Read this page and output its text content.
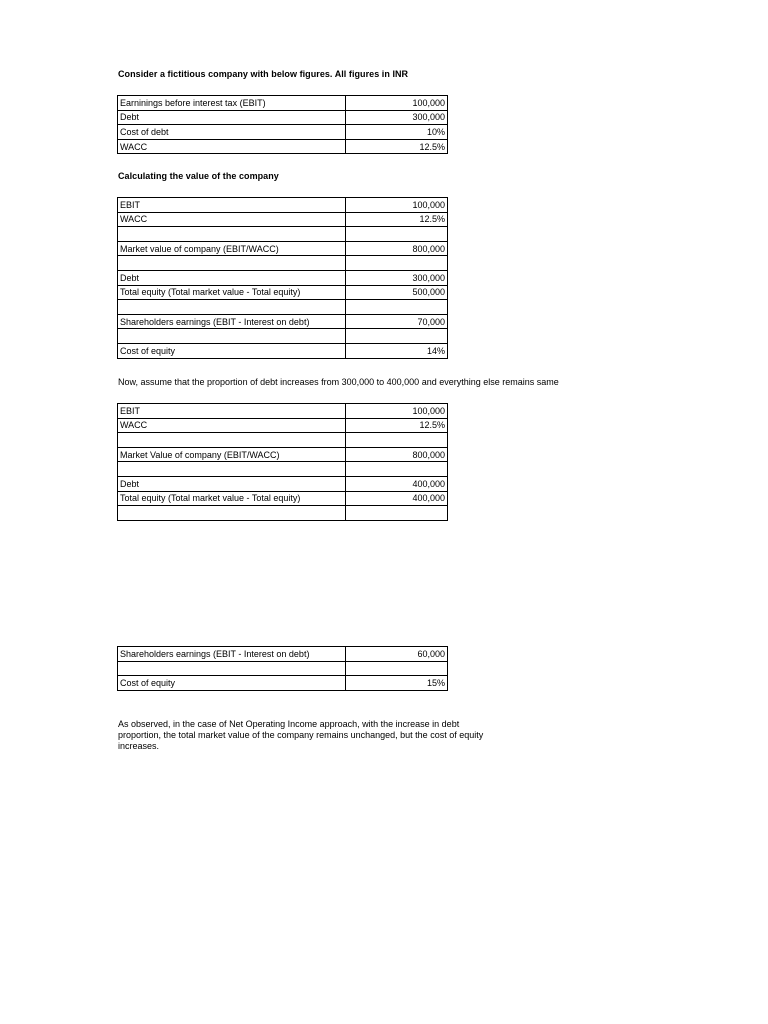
Consider a fictitious company with below figures. All figures in INR
Earninings before interest tax (EBIT)	100,000
Debt	300,000
Cost of debt	10%
WACC	12.5%
Calculating the value of the company
EBIT	100,000
WACC	12.5%

Market value of company (EBIT/WACC)	800,000

Debt	300,000
Total equity (Total market value - Total equity)	500,000

Shareholders earnings (EBIT - Interest on debt)	70,000

Cost of equity	14%
Now, assume that the proportion of debt increases from 300,000 to 400,000 and everything else remains same
EBIT	100,000
WACC	12.5%

Market Value of company (EBIT/WACC)	800,000

Debt	400,000
Total equity (Total market value - Total equity)	400,000

Shareholders earnings (EBIT - Interest on debt)	60,000

Cost of equity	15%
As observed, in the case of Net Operating Income approach, with the increase in debt
proportion, the total market value of the company remains unchanged, but the cost of equity
increases.
